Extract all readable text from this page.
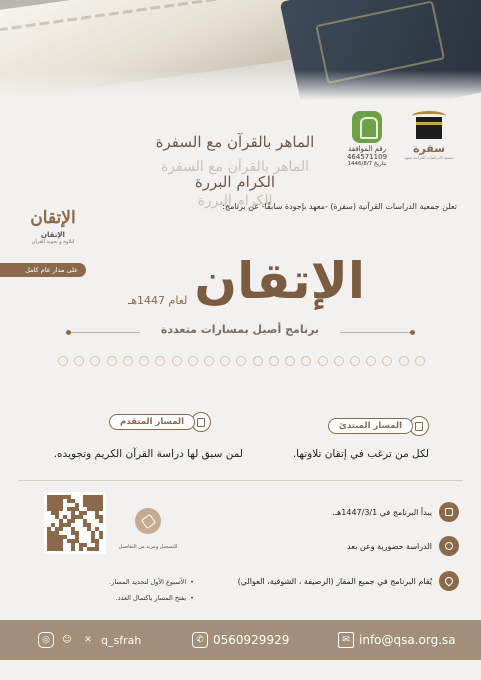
سفرة
جمعية الدراسات القرآنية معهد
رقم الموافقة
464571109
بتاريخ 1446/8/7
الماهر بالقرآن مع السفرة الكرام البررة
الماهر بالقرآن مع السفرة الكرام البررة
تعلن جمعية الدراسات القرآنية (سفرة) -معهد بإجودة سابقًا- عن برنامج:
الإتقان
الإتقان
لتلاوة و تجويد القرآن
على مدار عام كامل الإتقان
لعام 1447هـ
برنامج أصيل بمسارات متعددة
المسار المبتدئ
لكل من ترغب في إتقان تلاوتها.
المسار المتقدم
لمن سبق لها دراسة القرآن الكريم وتجويده.
للتسجيل ومزيد من التفاصيل
يبدأ البرنامج في 1447/3/1هـ.
الدراسة حضورية وعن بعد
يُقام البرنامج في جميع المقار (الرصيفة ، الشوقية، العوالي)
• الأسبوع الأول لتحديد المسار.
• يفتح المسار باكتمال العدد.
◎	☺	✕ q_sfrah	✆ 0560929929	✉ info@qsa.org.sa
